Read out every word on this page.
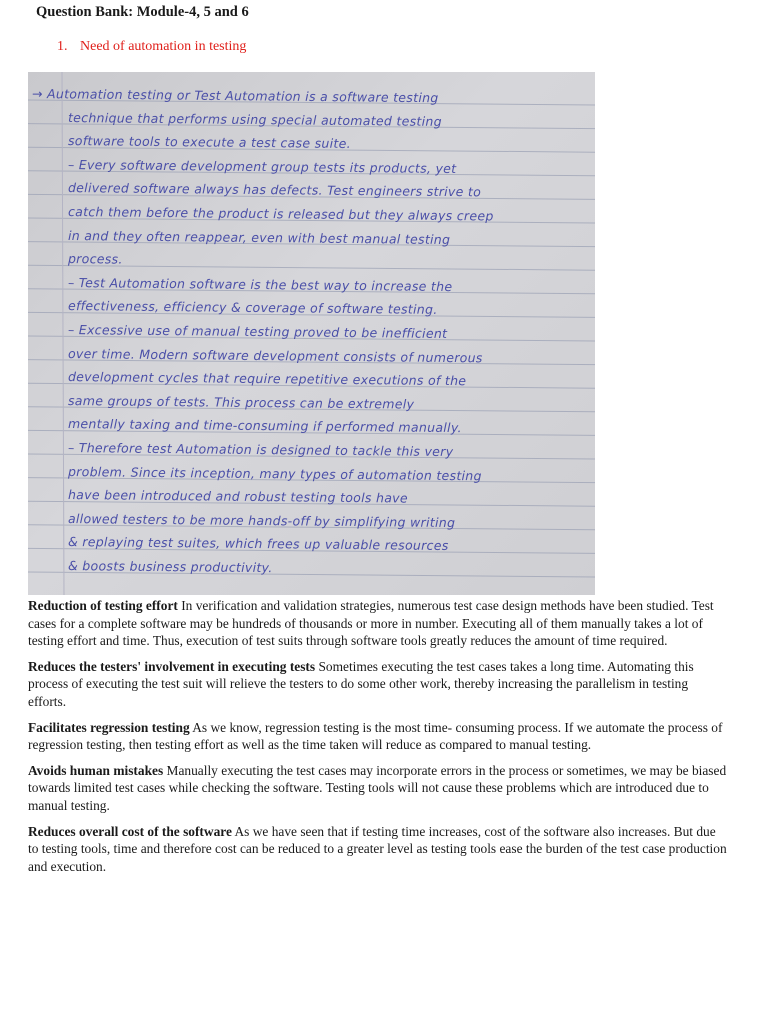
Question Bank: Module-4, 5 and 6
1. Need of automation in testing
→ Automation testing or Test Automation is a software testing
technique that performs using special automated testing
software tools to execute a test case suite.
– Every software development group tests its products, yet
delivered software always has defects. Test engineers strive to
catch them before the product is released but they always creep
in and they often reappear, even with best manual testing
process.
– Test Automation software is the best way to increase the
effectiveness, efficiency & coverage of software testing.
– Excessive use of manual testing proved to be inefficient
over time. Modern software development consists of numerous
development cycles that require repetitive executions of the
same groups of tests. This process can be extremely
mentally taxing and time-consuming if performed manually.
– Therefore test Automation is designed to tackle this very
problem. Since its inception, many types of automation testing
have been introduced and robust testing tools have
allowed testers to be more hands-off by simplifying writing
& replaying test suites, which frees up valuable resources
& boosts business productivity.

Reduction of testing effort In verification and validation strategies, numerous test case design methods have been studied. Test cases for a complete software may be hundreds of thousands or more in number. Executing all of them manually takes a lot of testing effort and time. Thus, execution of test suits through software tools greatly reduces the amount of time required.

Reduces the testers' involvement in executing tests Sometimes executing the test cases takes a long time. Automating this process of executing the test suit will relieve the testers to do some other work, thereby increasing the parallelism in testing efforts.

Facilitates regression testing As we know, regression testing is the most time- consuming process. If we automate the process of regression testing, then testing effort as well as the time taken will reduce as compared to manual testing.

Avoids human mistakes Manually executing the test cases may incorporate errors in the process or sometimes, we may be biased towards limited test cases while checking the software. Testing tools will not cause these problems which are introduced due to manual testing.

Reduces overall cost of the software As we have seen that if testing time increases, cost of the software also increases. But due to testing tools, time and therefore cost can be reduced to a greater level as testing tools ease the burden of the test case production and execution.
